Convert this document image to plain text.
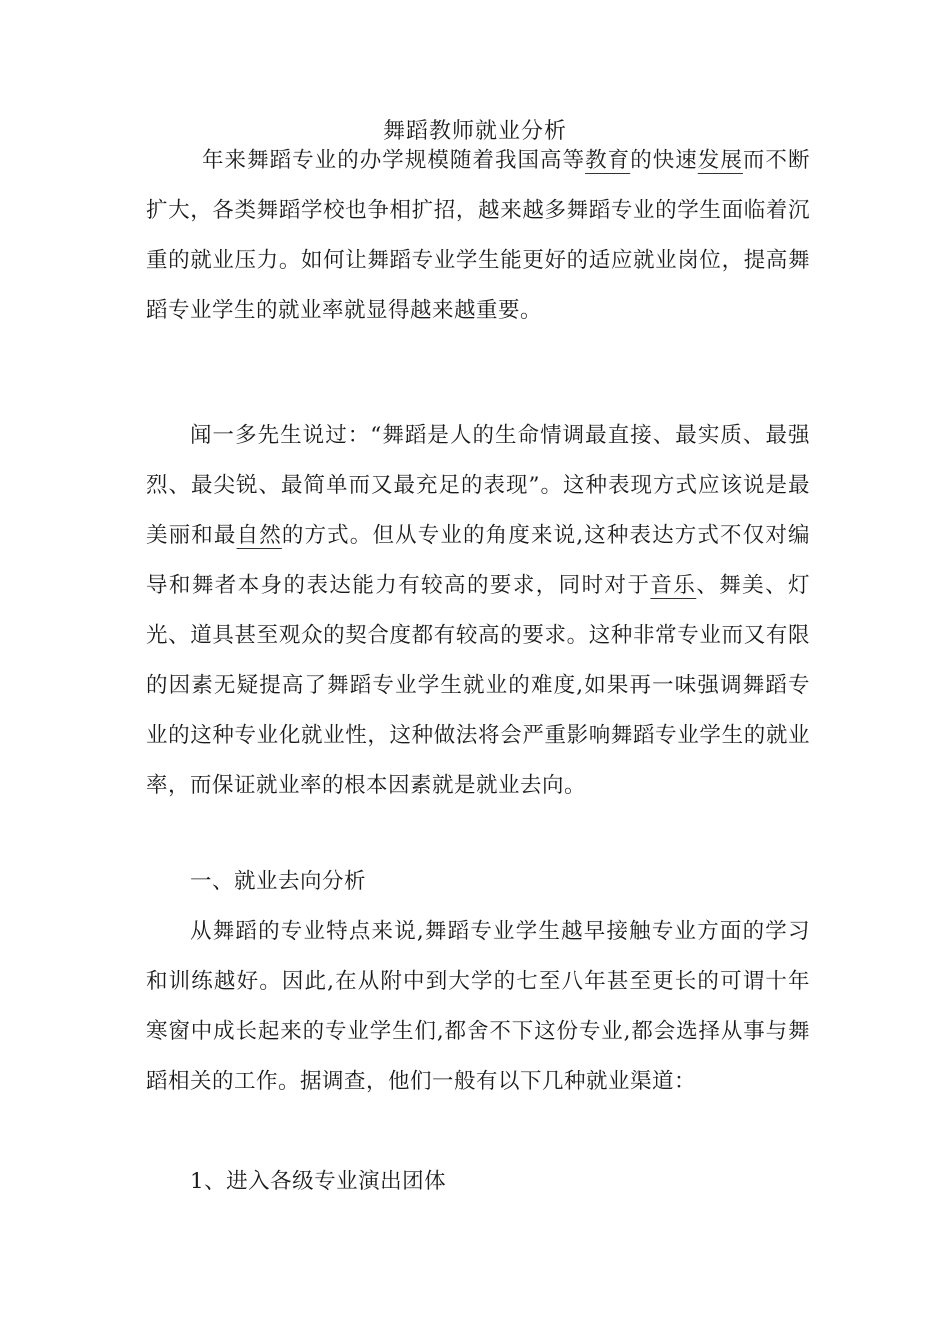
舞蹈教师就业分析

年来舞蹈专业的办学规模随着我国高等教育的快速发展而不断扩大，各类舞蹈学校也争相扩招，越来越多舞蹈专业的学生面临着沉重的就业压力。如何让舞蹈专业学生能更好的适应就业岗位，提高舞蹈专业学生的就业率就显得越来越重要。

闻一多先生说过：“舞蹈是人的生命情调最直接、最实质、最强烈、最尖锐、最简单而又最充足的表现”。这种表现方式应该说是最美丽和最自然的方式。但从专业的角度来说,这种表达方式不仅对编导和舞者本身的表达能力有较高的要求，同时对于音乐、舞美、灯光、道具甚至观众的契合度都有较高的要求。这种非常专业而又有限的因素无疑提高了舞蹈专业学生就业的难度,如果再一味强调舞蹈专业的这种专业化就业性，这种做法将会严重影响舞蹈专业学生的就业率，而保证就业率的根本因素就是就业去向。

一、就业去向分析

从舞蹈的专业特点来说,舞蹈专业学生越早接触专业方面的学习和训练越好。因此,在从附中到大学的七至八年甚至更长的可谓十年寒窗中成长起来的专业学生们,都舍不下这份专业,都会选择从事与舞蹈相关的工作。据调查，他们一般有以下几种就业渠道：

1、进入各级专业演出团体
